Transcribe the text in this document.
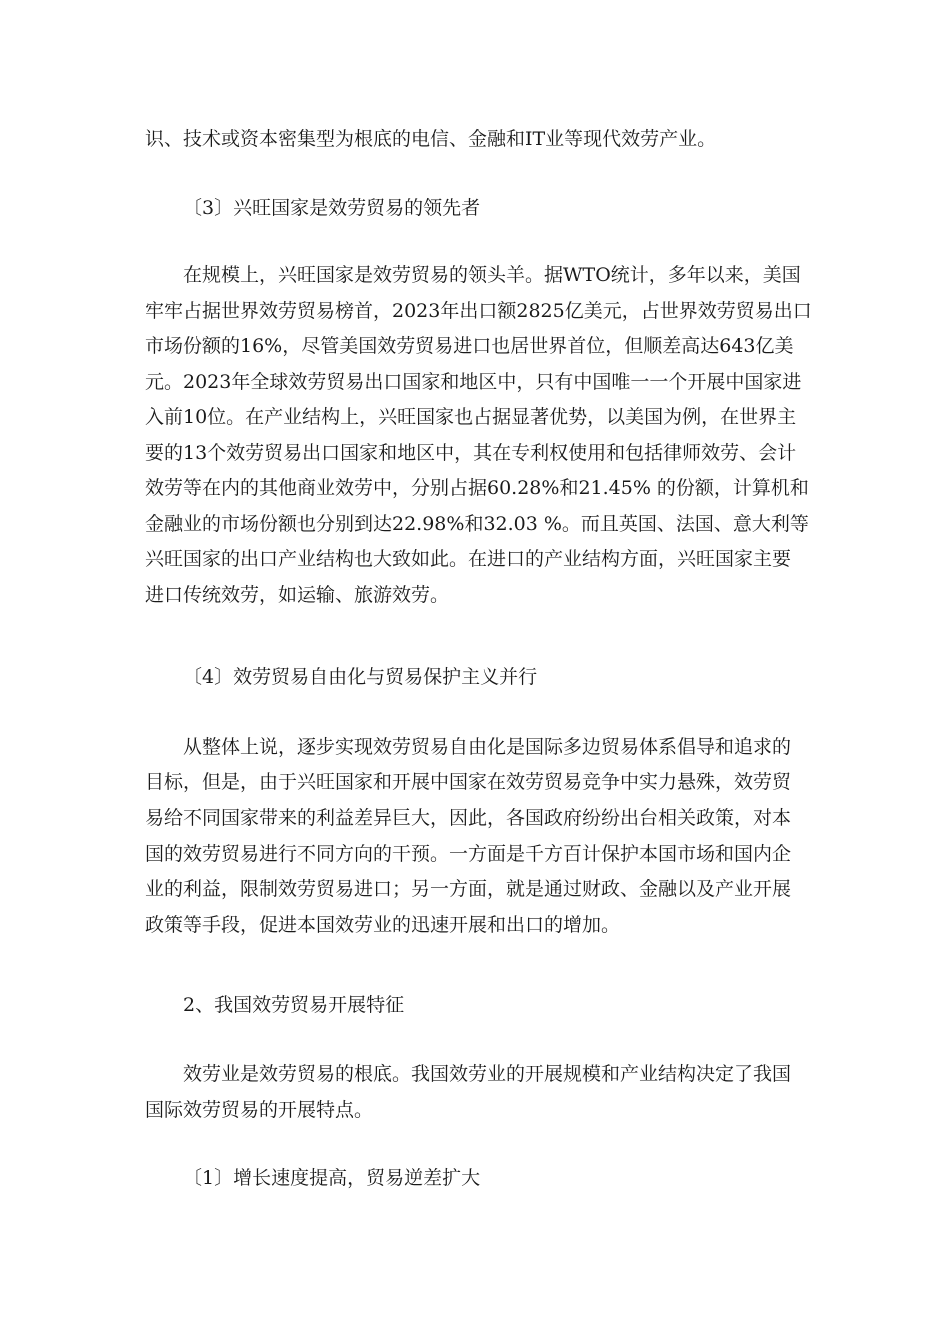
识、技术或资本密集型为根底的电信、金融和IT业等现代效劳产业。
〔3〕兴旺国家是效劳贸易的领先者
在规模上，兴旺国家是效劳贸易的领头羊。据WTO统计，多年以来，美国
牢牢占据世界效劳贸易榜首，2023年出口额2825亿美元，占世界效劳贸易出口
市场份额的16%，尽管美国效劳贸易进口也居世界首位，但顺差高达643亿美
元。2023年全球效劳贸易出口国家和地区中，只有中国唯一一个开展中国家进
入前10位。在产业结构上，兴旺国家也占据显著优势，以美国为例，在世界主
要的13个效劳贸易出口国家和地区中，其在专利权使用和包括律师效劳、会计
效劳等在内的其他商业效劳中，分别占据60.28%和21.45% 的份额，计算机和
金融业的市场份额也分别到达22.98%和32.03 %。而且英国、法国、意大利等
兴旺国家的出口产业结构也大致如此。在进口的产业结构方面，兴旺国家主要
进口传统效劳，如运输、旅游效劳。
〔4〕效劳贸易自由化与贸易保护主义并行
从整体上说，逐步实现效劳贸易自由化是国际多边贸易体系倡导和追求的
目标，但是，由于兴旺国家和开展中国家在效劳贸易竞争中实力悬殊，效劳贸
易给不同国家带来的利益差异巨大，因此，各国政府纷纷出台相关政策，对本
国的效劳贸易进行不同方向的干预。一方面是千方百计保护本国市场和国内企
业的利益，限制效劳贸易进口；另一方面，就是通过财政、金融以及产业开展
政策等手段，促进本国效劳业的迅速开展和出口的增加。
2、我国效劳贸易开展特征
效劳业是效劳贸易的根底。我国效劳业的开展规模和产业结构决定了我国
国际效劳贸易的开展特点。
〔1〕增长速度提高，贸易逆差扩大
